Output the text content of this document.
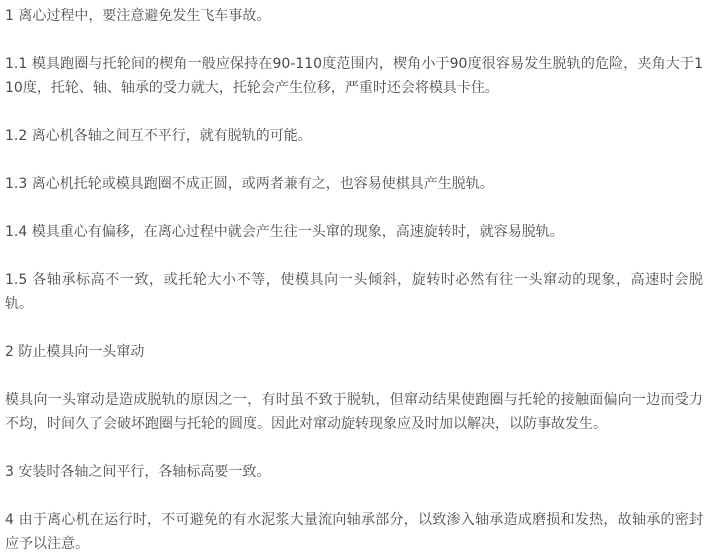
1 离心过程中，要注意避免发生飞车事故。

1.1 模具跑圈与托轮间的楔角一般应保持在90-110度范围内，楔角小于90度很容易发生脱轨的危险，夹角大于110度，托轮、轴、轴承的受力就大，托轮会产生位移，严重时还会将模具卡住。

1.2 离心机各轴之间互不平行，就有脱轨的可能。

1.3 离心机托轮或模具跑圈不成正圆，或两者兼有之，也容易使棋具产生脱轨。

1.4 模具重心有偏移，在离心过程中就会产生往一头窜的现象，高速旋转时，就容易脱轨。

1.5 各轴承标高不一致，或托轮大小不等，使模具向一头倾斜，旋转时必然有往一头窜动的现象，高速时会脱轨。

2 防止模具向一头窜动

模具向一头窜动是造成脱轨的原因之一，有时虽不致于脱轨，但窜动结果使跑圈与托轮的接触面偏向一边而受力不均，时间久了会破坏跑圈与托轮的圆度。因此对窜动旋转现象应及时加以解决，以防事故发生。

3 安装时各轴之间平行，各轴标高要一致。

4 由于离心机在运行时，不可避免的有水泥浆大量流向轴承部分，以致渗入轴承造成磨损和发热，故轴承的密封应予以注意。
